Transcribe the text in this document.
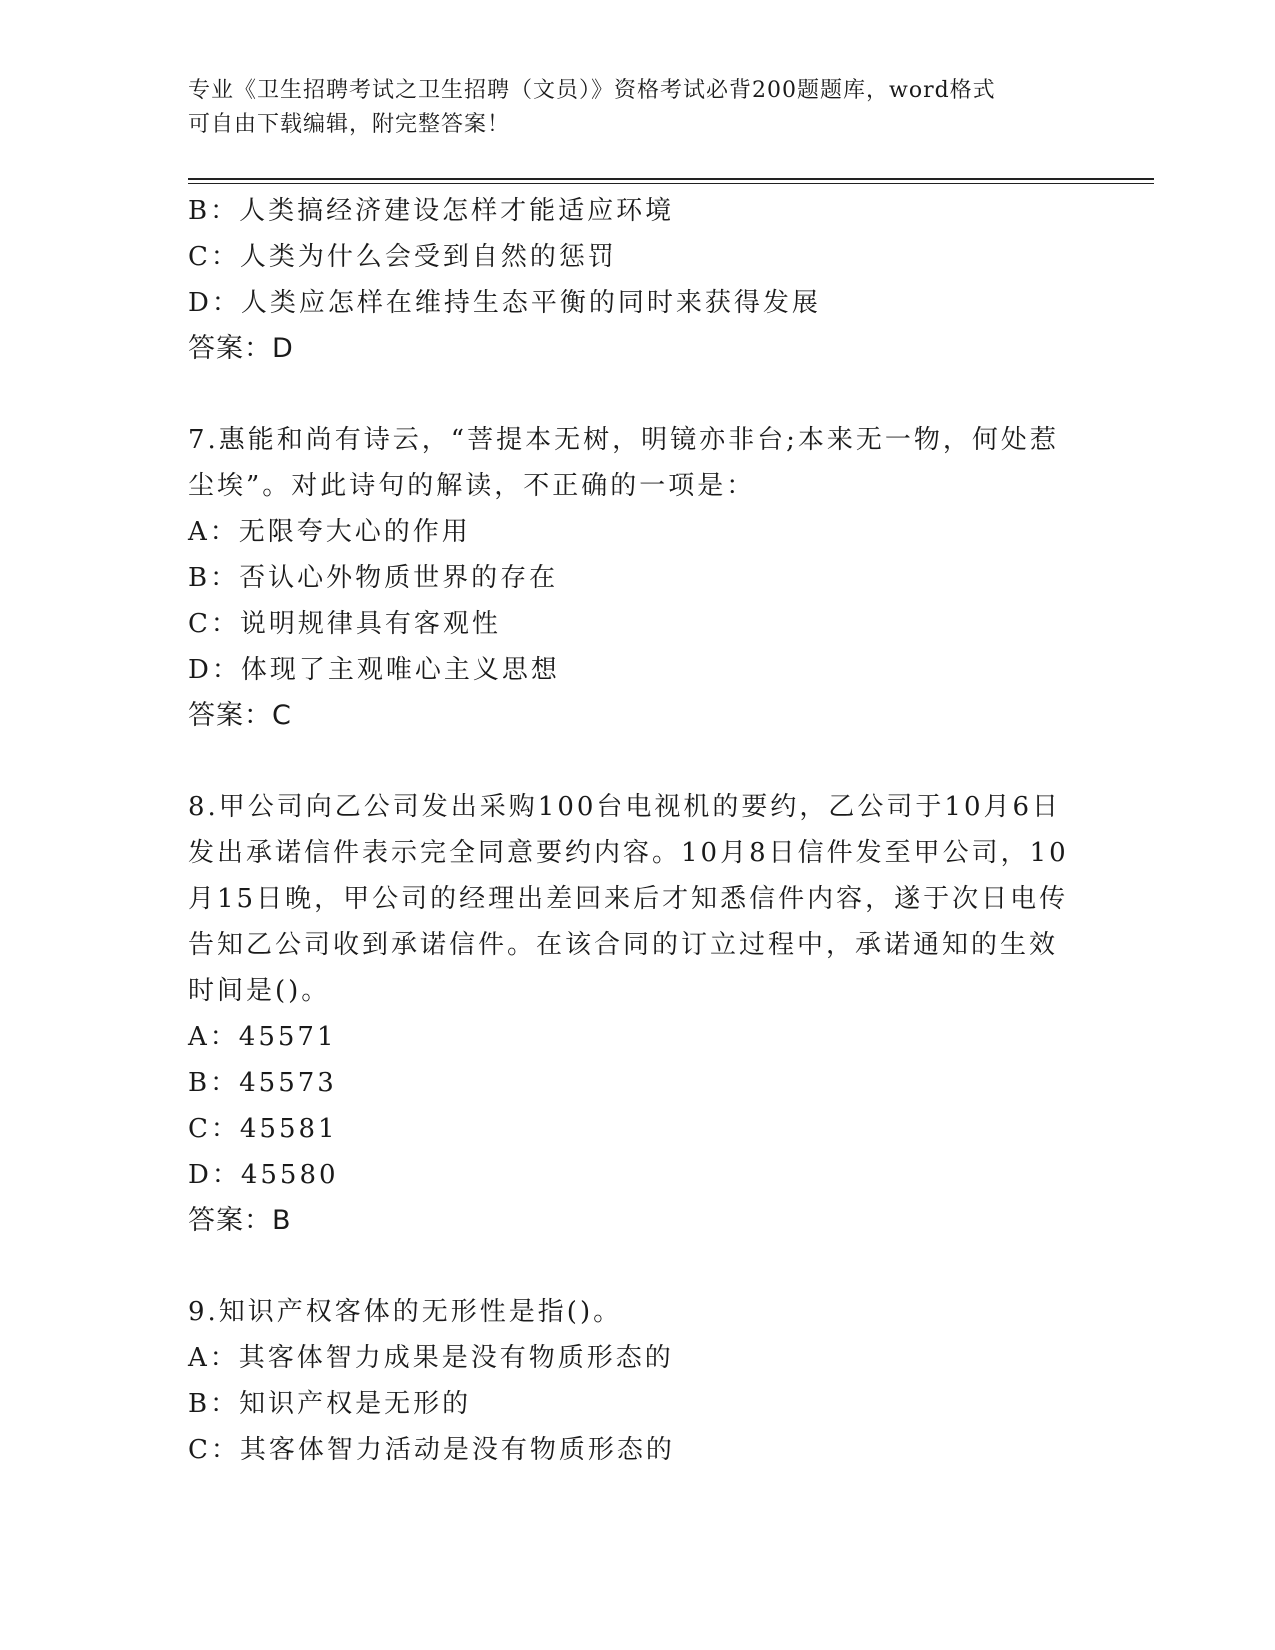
专业《卫生招聘考试之卫生招聘（文员）》资格考试必背200题题库，word格式
可自由下载编辑，附完整答案！
B：人类搞经济建设怎样才能适应环境
C：人类为什么会受到自然的惩罚
D：人类应怎样在维持生态平衡的同时来获得发展
答案：D
7.惠能和尚有诗云，“菩提本无树，明镜亦非台;本来无一物，何处惹
尘埃”。对此诗句的解读，不正确的一项是：
A：无限夸大心的作用
B：否认心外物质世界的存在
C：说明规律具有客观性
D：体现了主观唯心主义思想
答案：C
8.甲公司向乙公司发出采购100台电视机的要约，乙公司于10月6日
发出承诺信件表示完全同意要约内容。10月8日信件发至甲公司，10
月15日晚，甲公司的经理出差回来后才知悉信件内容，遂于次日电传
告知乙公司收到承诺信件。在该合同的订立过程中，承诺通知的生效
时间是()。
A：45571
B：45573
C：45581
D：45580
答案：B
9.知识产权客体的无形性是指()。
A：其客体智力成果是没有物质形态的
B：知识产权是无形的
C：其客体智力活动是没有物质形态的
